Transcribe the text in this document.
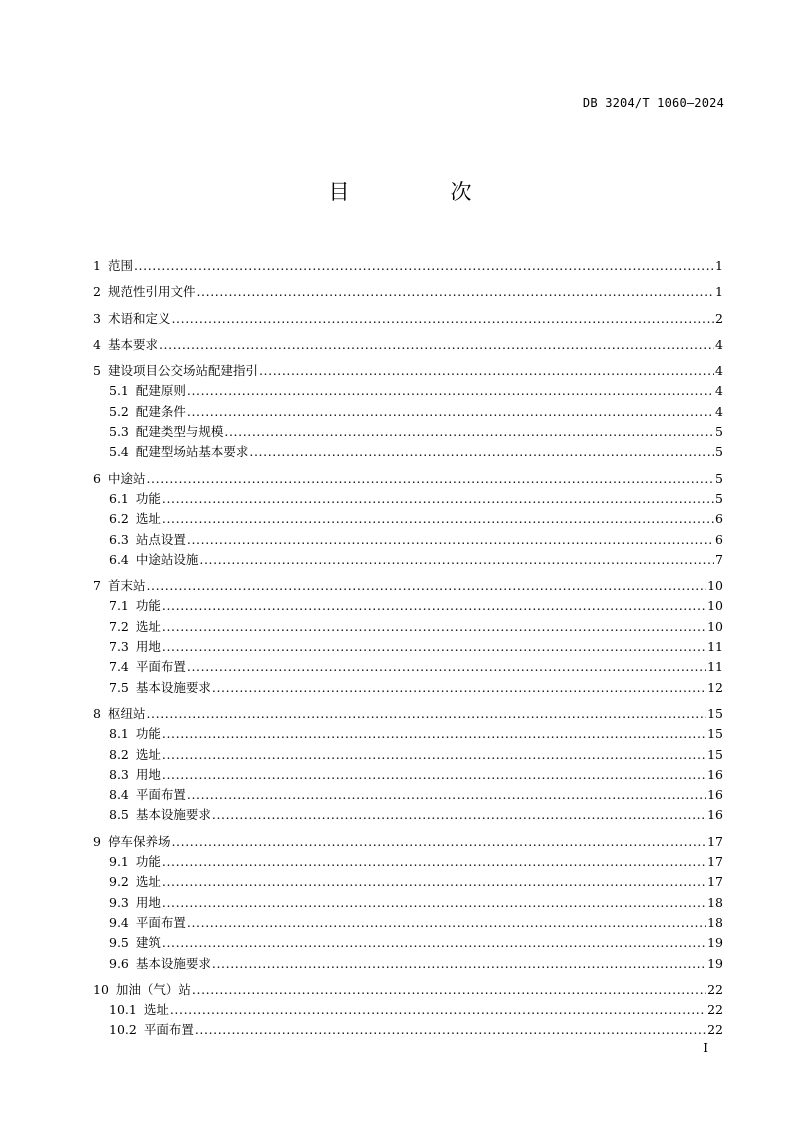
DB 3204/T 1060—2024
目　次
1 范围 .....	1
2 规范性引用文件 .....	1
3 术语和定义 .....	2
4 基本要求 .....	4
5 建设项目公交场站配建指引 .....	4
5.1 配建原则 .....	4
5.2 配建条件 .....	4
5.3 配建类型与规模 .....	5
5.4 配建型场站基本要求 .....	5
6 中途站 .....	5
6.1 功能 .....	5
6.2 选址 .....	6
6.3 站点设置 .....	6
6.4 中途站设施 .....	7
7 首末站 .....	10
7.1 功能 .....	10
7.2 选址 .....	10
7.3 用地 .....	11
7.4 平面布置 .....	11
7.5 基本设施要求 .....	12
8 枢纽站 .....	15
8.1 功能 .....	15
8.2 选址 .....	15
8.3 用地 .....	16
8.4 平面布置 .....	16
8.5 基本设施要求 .....	16
9 停车保养场 .....	17
9.1 功能 .....	17
9.2 选址 .....	17
9.3 用地 .....	18
9.4 平面布置 .....	18
9.5 建筑 .....	19
9.6 基本设施要求 .....	19
10 加油（气）站 .....	22
10.1 选址 .....	22
10.2 平面布置 .....	22
I
